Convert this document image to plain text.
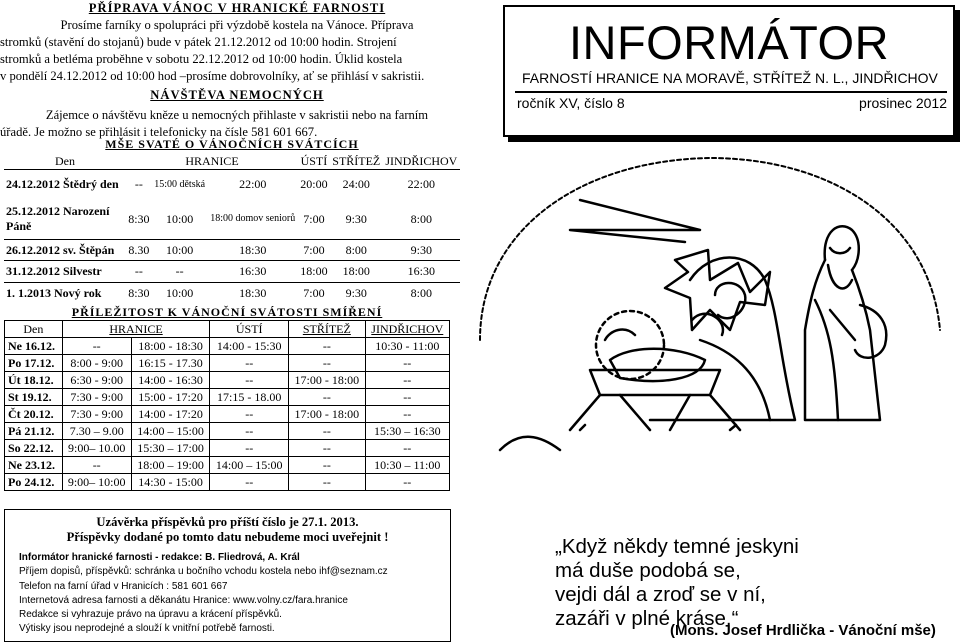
PŘÍPRAVA VÁNOC V HRANICKÉ FARNOSTI
Prosíme farníky o spolupráci při výzdobě kostela na Vánoce. Příprava
stromků (stavění do stojanů) bude v pátek 21.12.2012 od 10:00 hodin. Strojení
stromků a betléma proběhne v sobotu 22.12.2012 od 10:00 hodin. Úklid kostela
v pondělí 24.12.2012 od 10:00 hod –prosíme dobrovolníky, ať se přihlásí v sakristii.
NÁVŠTĚVA NEMOCNÝCH
Zájemce o návštěvu kněze u nemocných přihlaste v sakristii nebo na farním
úřadě. Je možno se přihlásit i telefonicky na čísle 581 601 667.
MŠE SVATÉ O VÁNOČNÍCH SVÁTCÍCH
Den	HRANICE			ÚSTÍ	STŘÍTEŽ	JINDŘICHOV
24.12.2012 Štědrý den	--	15:00 dětská	22:00	20:00	24:00	22:00
25.12.2012 Narození Páně	8:30	10:00	18:00 domov seniorů	7:00	9:30	8:00
26.12.2012 sv. Štěpán	8.30	10:00	18:30	7:00	8:00	9:30
31.12.2012 Silvestr	--	--	16:30	18:00	18:00	16:30
1. 1.2013 Nový rok	8:30	10:00	18:30	7:00	9:30	8:00
PŘÍLEŽITOST K VÁNOČNÍ SVÁTOSTI SMÍŘENÍ
Den	HRANICE		ÚSTÍ	STŘÍTEŽ	JINDŘICHOV
Ne 16.12.	--	18:00 - 18:30	14:00 - 15:30	--	10:30 - 11:00
Po 17.12.	8:00 - 9:00	16:15 - 17.30	--	--	--
Út 18.12.	6:30 - 9:00	14:00 - 16:30	--	17:00 - 18:00	--
St 19.12.	7:30 - 9:00	15:00 - 17:20	17:15 - 18.00	--	--
Čt 20.12.	7:30 - 9:00	14:00 - 17:20	--	17:00 - 18:00	--
Pá 21.12.	7.30 – 9.00	14:00 – 15:00	--	--	15:30 – 16:30
So 22.12.	9:00– 10.00	15:30 – 17:00	--	--	--
Ne 23.12.	--	18:00 – 19:00	14:00 – 15:00	--	10:30 – 11:00
Po 24.12.	9:00– 10:00	14:30 - 15:00	--	--	--
Uzávěrka příspěvků pro příští číslo je 27.1. 2013.
Příspěvky dodané po tomto datu nebudeme moci uveřejnit !
Informátor hranické farnosti - redakce: B. Fliedrová, A. Král
Příjem dopisů, příspěvků: schránka u bočního vchodu kostela nebo ihf@seznam.cz
Telefon na farní úřad v Hranicích : 581 601 667
Internetová adresa farnosti a děkanátu Hranice: www.volny.cz/fara.hranice
Redakce si vyhrazuje právo na úpravu a krácení příspěvků.
Výtisky jsou neprodejné a slouží k vnitřní potřebě farnosti.
INFORMÁTOR
FARNOSTÍ HRANICE NA MORAVĚ, STŘÍTEŽ N. L., JINDŘICHOV
ročník XV, číslo 8	prosinec 2012
„Když někdy temné jeskyni
má duše podobá se,
vejdi dál a zroď se v ní,
zazáři v plné kráse.“
(Mons. Josef Hrdlička - Vánoční mše)
